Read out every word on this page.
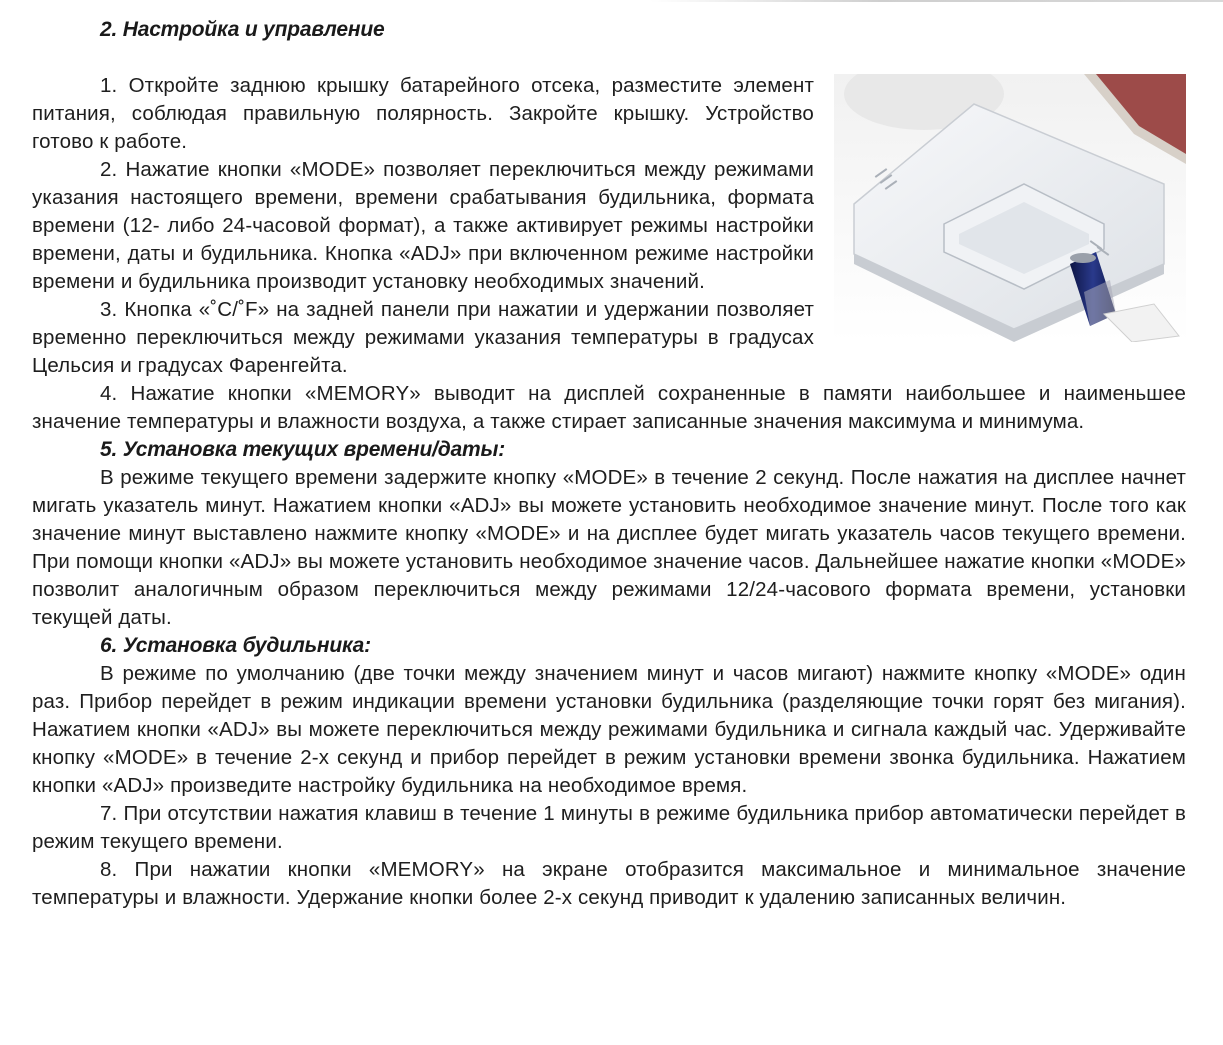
2. Настройка и управление

1. Откройте заднюю крышку батарейного отсека, разместите элемент питания, соблюдая правильную полярность. Закройте крышку. Устройство готово к работе.

2. Нажатие кнопки «MODE» позволяет переключиться между режимами указания настоящего времени, времени срабатывания будильника, формата времени (12- либо 24-часовой формат), а также активирует режимы настройки времени, даты и будильника. Кнопка «ADJ» при включенном режиме настройки времени и будильника производит установку необходимых значений.

3. Кнопка «˚C/˚F» на задней панели при нажатии и удержании позволяет временно переключиться между режимами указания температуры в градусах Цельсия и градусах Фаренгейта.

4. Нажатие кнопки «MEMORY» выводит на дисплей сохраненные в памяти наибольшее и наименьшее значение температуры и влажности воздуха, а также стирает записанные значения максимума и минимума.

5. Установка текущих времени/даты:

В режиме текущего времени задержите кнопку «MODE» в течение 2 секунд. После нажатия на дисплее начнет мигать указатель минут. Нажатием кнопки «ADJ» вы можете установить необходимое значение минут. После того как значение минут выставлено нажмите кнопку «MODE» и на дисплее будет мигать указатель часов текущего времени. При помощи кнопки «ADJ» вы можете установить необходимое значение часов. Дальнейшее нажатие кнопки «MODE» позволит аналогичным образом переключиться между режимами 12/24-часового формата времени, установки текущей даты.

6. Установка будильника:

В режиме по умолчанию (две точки между значением минут и часов мигают) нажмите кнопку «MODE» один раз. Прибор перейдет в режим индикации времени установки будильника (разделяющие точки горят без мигания). Нажатием кнопки «ADJ» вы можете переключиться между режимами будильника и сигнала каждый час. Удерживайте кнопку «MODE» в течение 2-х секунд и прибор перейдет в режим установки времени звонка будильника. Нажатием кнопки «ADJ» произведите настройку будильника на необходимое время.

7. При отсутствии нажатия клавиш в течение 1 минуты в режиме будильника прибор автоматически перейдет в режим текущего времени.

8. При нажатии кнопки «MEMORY» на экране отобразится максимальное и минимальное значение температуры и влажности. Удержание кнопки более 2-х секунд приводит к удалению записанных величин.
